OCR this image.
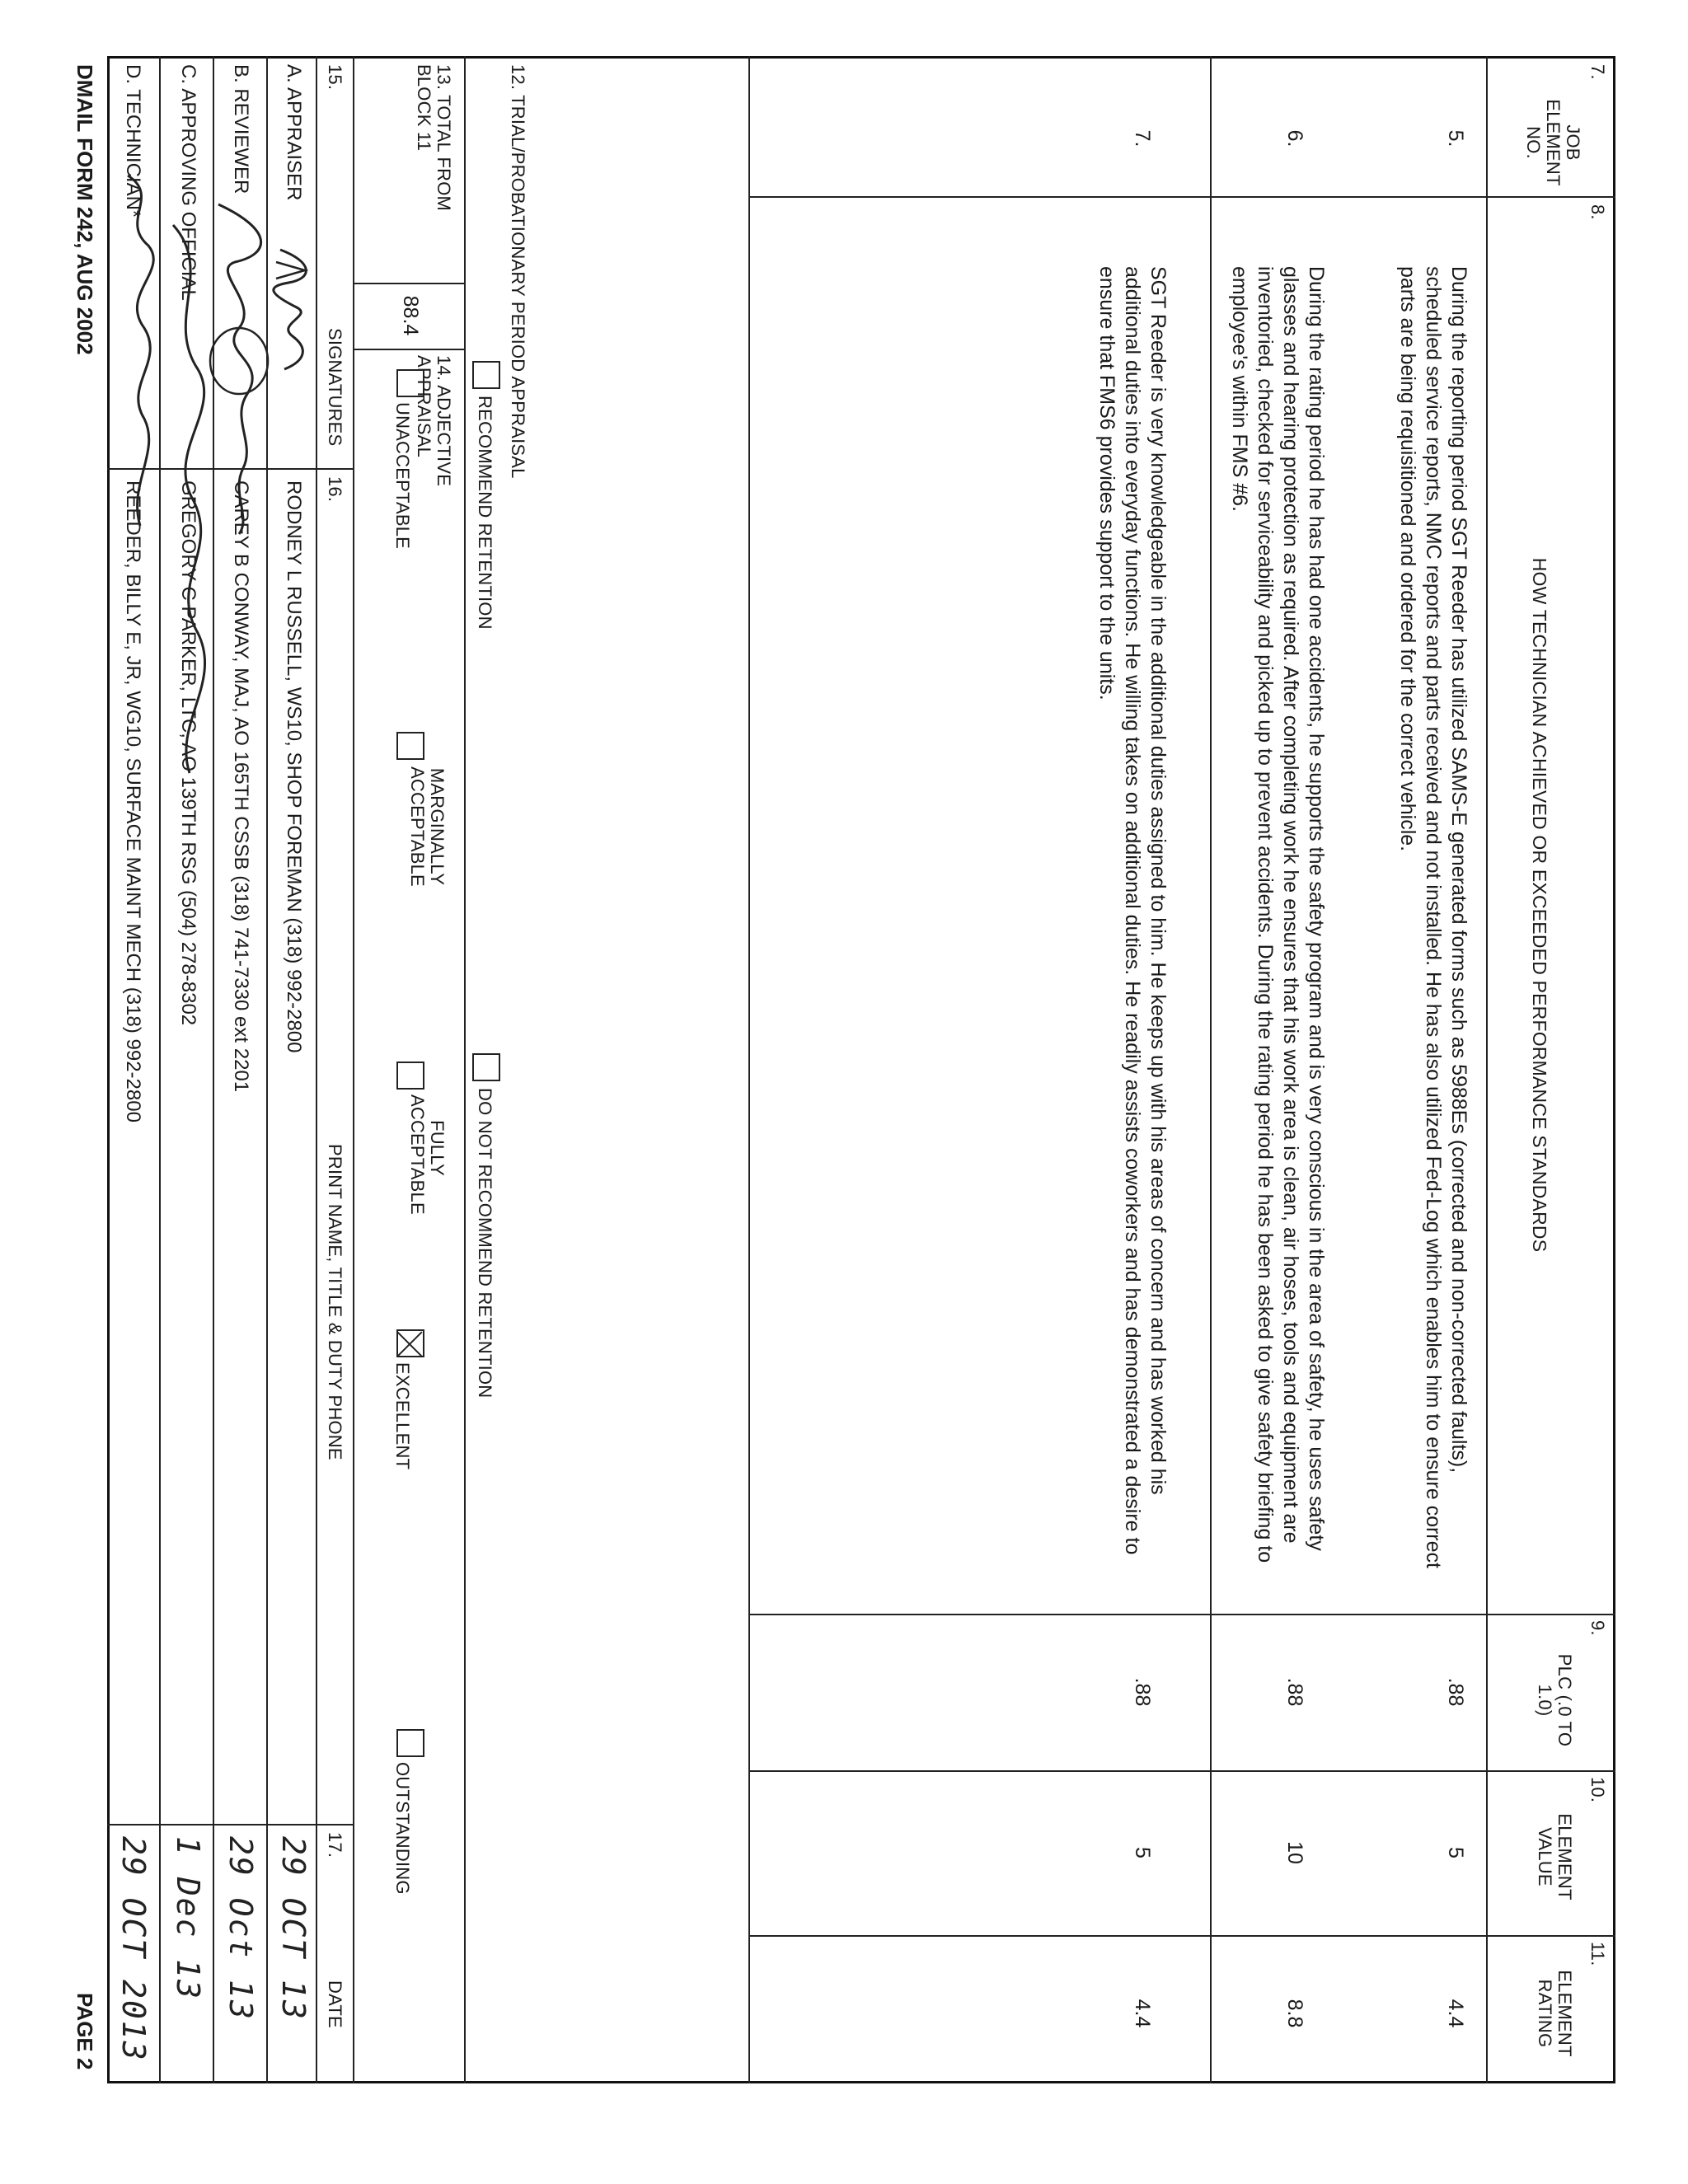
7.
JOB ELEMENT NO.
8.
HOW TECHNICIAN ACHIEVED OR EXCEEDED PERFORMANCE STANDARDS
9.
PLC (.0 TO 1.0)
10.
ELEMENT VALUE
11.
ELEMENT RATING
5.
During the reporting period SGT Reeder has utilized SAMS-E generated forms such as 5988Es (corrected and non-corrected faults), scheduled service reports, NMC reports and parts received and not installed. He has also utilized Fed-Log which enables him to ensure correct parts are being requisitioned and ordered for the correct vehicle.
.88
5
4.4
6.
During the rating period he has had one accidents, he supports the safety program and is very conscious in the area of safety, he uses safety glasses and hearing protection as required. After completing work he ensures that his work area is clean, air hoses, tools and equipment are inventoried, checked for serviceability and picked up to prevent accidents. During the rating period he has been asked to give safety briefing to employee's within FMS #6.
.88
10
8.8
7.
SGT Reeder is very knowledgeable in the additional duties assigned to him. He keeps up with his areas of concern and has worked his additional duties into everyday functions. He willing takes on additional duties. He readily assists coworkers and has demonstrated a desire to ensure that FMS6 provides support to the units.
.88
5
4.4
12. TRIAL/PROBATIONARY PERIOD APPRAISAL
RECOMMEND RETENTION
DO NOT RECOMMEND RETENTION
13. TOTAL FROM BLOCK 11
88.4
14. ADJECTIVE APPRAISAL
UNACCEPTABLE
MARGINALLY ACCEPTABLE
FULLY ACCEPTABLE
EXCELLENT
OUTSTANDING
15.
SIGNATURES
16.
PRINT NAME, TITLE & DUTY PHONE
17.
DATE
A. APPRAISER
RODNEY L RUSSELL, WS10, SHOP FOREMAN (318) 992-2800
29 OCT 13
B. REVIEWER
CAREY B CONWAY, MAJ, AO 165TH CSSB (318) 741-7330 ext 2201
29 Oct 13
C. APPROVING OFFICIAL
GREGORY C PARKER, LTC, AO 139TH RSG (504) 278-8302
1 Dec 13
D. TECHNICIAN*
REEDER, BILLY E, JR, WG10, SURFACE MAINT MECH (318) 992-2800
29 OCT 2013
DMAIL FORM 242, AUG 2002
PAGE 2
